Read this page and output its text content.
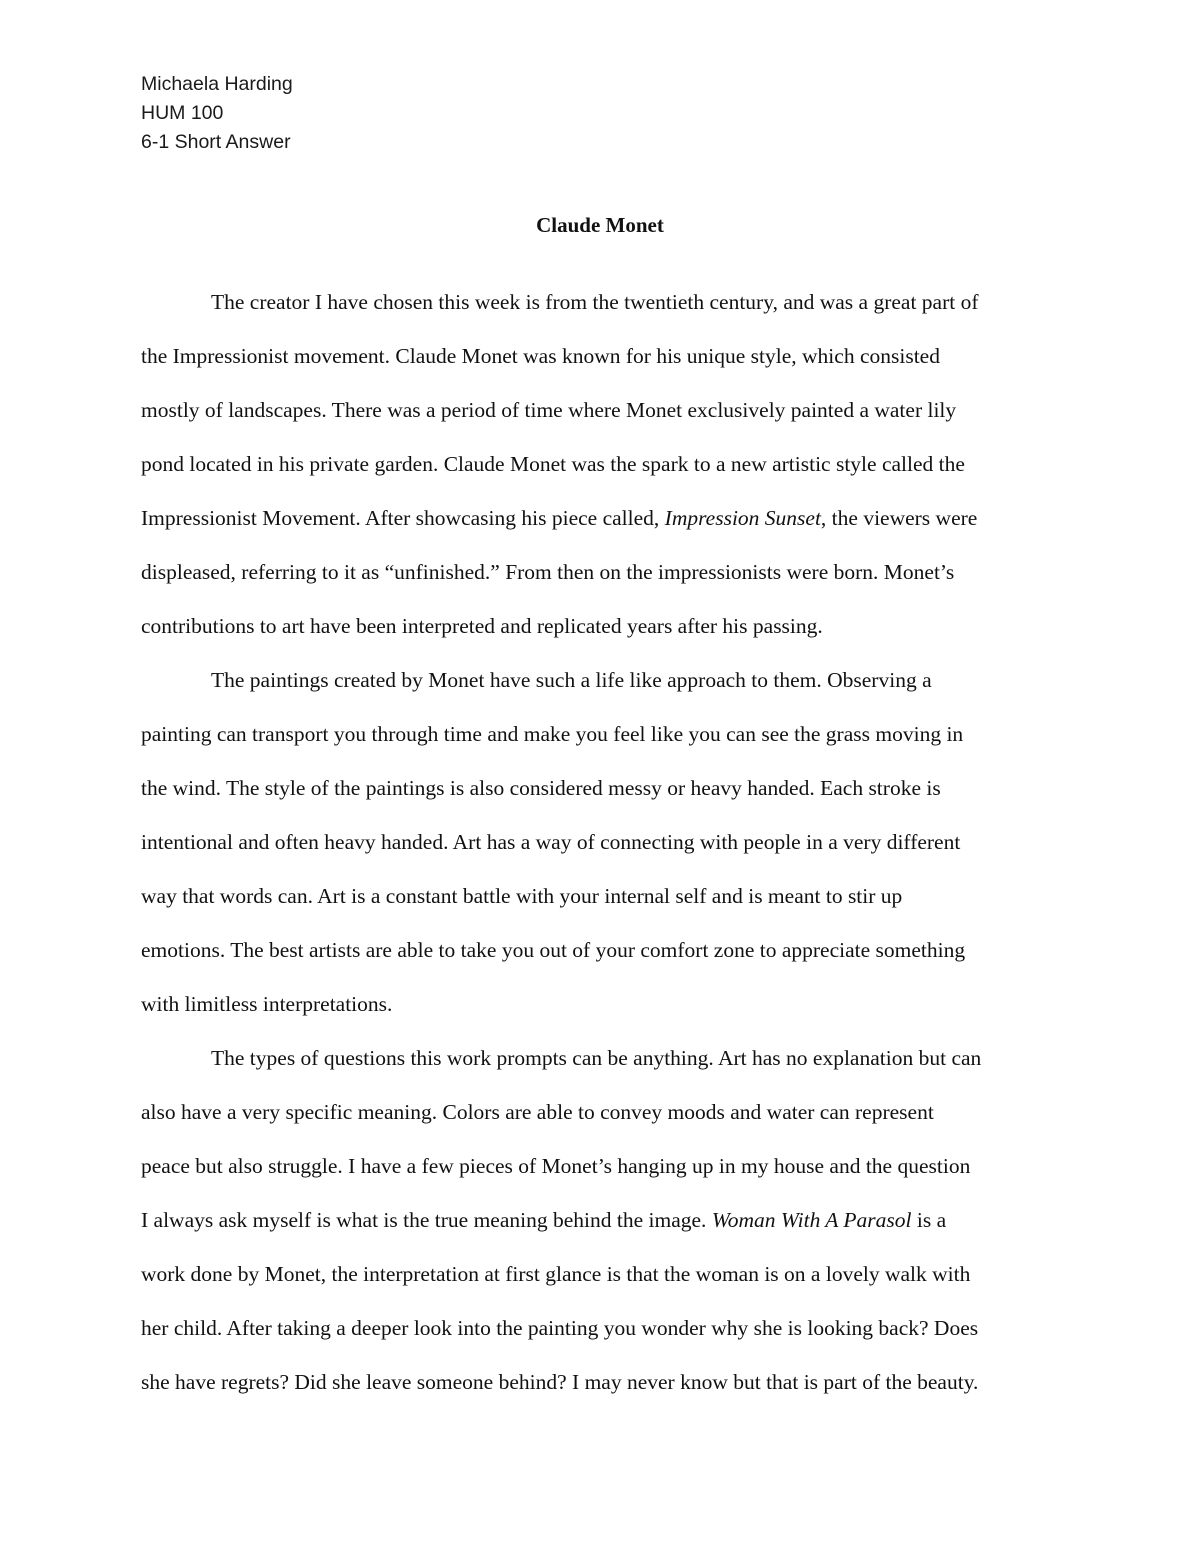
Michaela Harding
HUM 100
6-1 Short Answer
Claude Monet
The creator I have chosen this week is from the twentieth century, and was a great part of
the Impressionist movement. Claude Monet was known for his unique style, which consisted
mostly of landscapes. There was a period of time where Monet exclusively painted a water lily
pond located in his private garden. Claude Monet was the spark to a new artistic style called the
Impressionist Movement. After showcasing his piece called, Impression Sunset, the viewers were
displeased, referring to it as “unfinished.” From then on the impressionists were born. Monet’s
contributions to art have been interpreted and replicated years after his passing.
The paintings created by Monet have such a life like approach to them. Observing a
painting can transport you through time and make you feel like you can see the grass moving in
the wind. The style of the paintings is also considered messy or heavy handed. Each stroke is
intentional and often heavy handed. Art has a way of connecting with people in a very different
way that words can. Art is a constant battle with your internal self and is meant to stir up
emotions. The best artists are able to take you out of your comfort zone to appreciate something
with limitless interpretations.
The types of questions this work prompts can be anything. Art has no explanation but can
also have a very specific meaning. Colors are able to convey moods and water can represent
peace but also struggle. I have a few pieces of Monet’s hanging up in my house and the question
I always ask myself is what is the true meaning behind the image. Woman With A Parasol is a
work done by Monet, the interpretation at first glance is that the woman is on a lovely walk with
her child. After taking a deeper look into the painting you wonder why she is looking back? Does
she have regrets? Did she leave someone behind? I may never know but that is part of the beauty.
